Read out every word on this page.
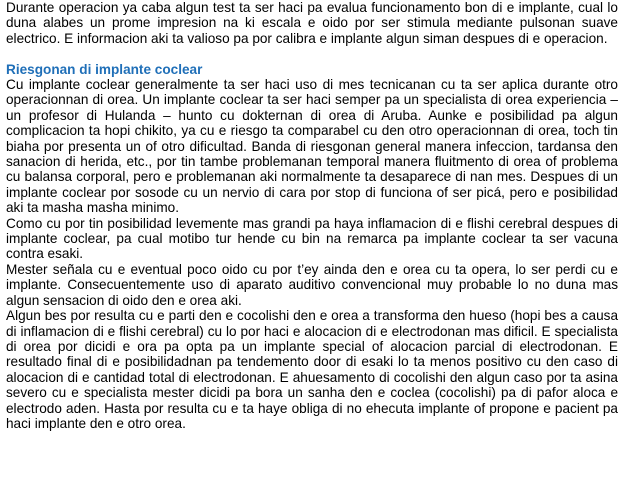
Durante operacion ya caba algun test ta ser haci pa evalua funcionamento bon di e implante, cual lo duna alabes un prome impresion na ki escala e oido por ser stimula mediante pulsonan suave electrico. E informacion aki ta valioso pa por calibra e implante algun siman despues di e operacion.

Riesgonan di implante coclear

Cu implante coclear generalmente ta ser haci uso di mes tecnicanan cu ta ser aplica durante otro operacionnan di orea. Un implante coclear ta ser haci semper pa un specialista di orea experiencia – un profesor di Hulanda – hunto cu dokternan di orea di Aruba. Aunke e posibilidad pa algun complicacion ta hopi chikito, ya cu e riesgo ta comparabel cu den otro operacionnan di orea, toch tin biaha por presenta un of otro dificultad. Banda di riesgonan general manera infeccion, tardansa den sanacion di herida, etc., por tin tambe problemanan temporal manera fluitmento di orea of problema cu balansa corporal, pero e problemanan aki normalmente ta desaparece di nan mes. Despues di un implante coclear por sosode cu un nervio di cara por stop di funciona of ser picá, pero e posibilidad aki ta masha masha minimo.

Como cu por tin posibilidad levemente mas grandi pa haya inflamacion di e flishi cerebral despues di implante coclear, pa cual motibo tur hende cu bin na remarca pa implante coclear ta ser vacuna contra esaki.

Mester señala cu e eventual poco oido cu por t’ey ainda den e orea cu ta opera, lo ser perdi cu e implante. Consecuentemente uso di aparato auditivo convencional muy probable lo no duna mas algun sensacion di oido den e orea aki.

Algun bes por resulta cu e parti den e cocolishi den e orea a transforma den hueso (hopi bes a causa di inflamacion di e flishi cerebral) cu lo por haci e alocacion di e electrodonan mas dificil. E specialista di orea por dicidi e ora pa opta pa un implante special of alocacion parcial di electrodonan. E resultado final di e posibilidadnan pa tendemento door di esaki lo ta menos positivo cu den caso di alocacion di e cantidad total di electrodonan. E ahuesamento di cocolishi den algun caso por ta asina severo cu e specialista mester dicidi pa bora un sanha den e coclea (cocolishi) pa di pafor aloca e electrodo aden. Hasta por resulta cu e ta haye obliga di no ehecuta implante of propone e pacient pa haci implante den e otro orea.
